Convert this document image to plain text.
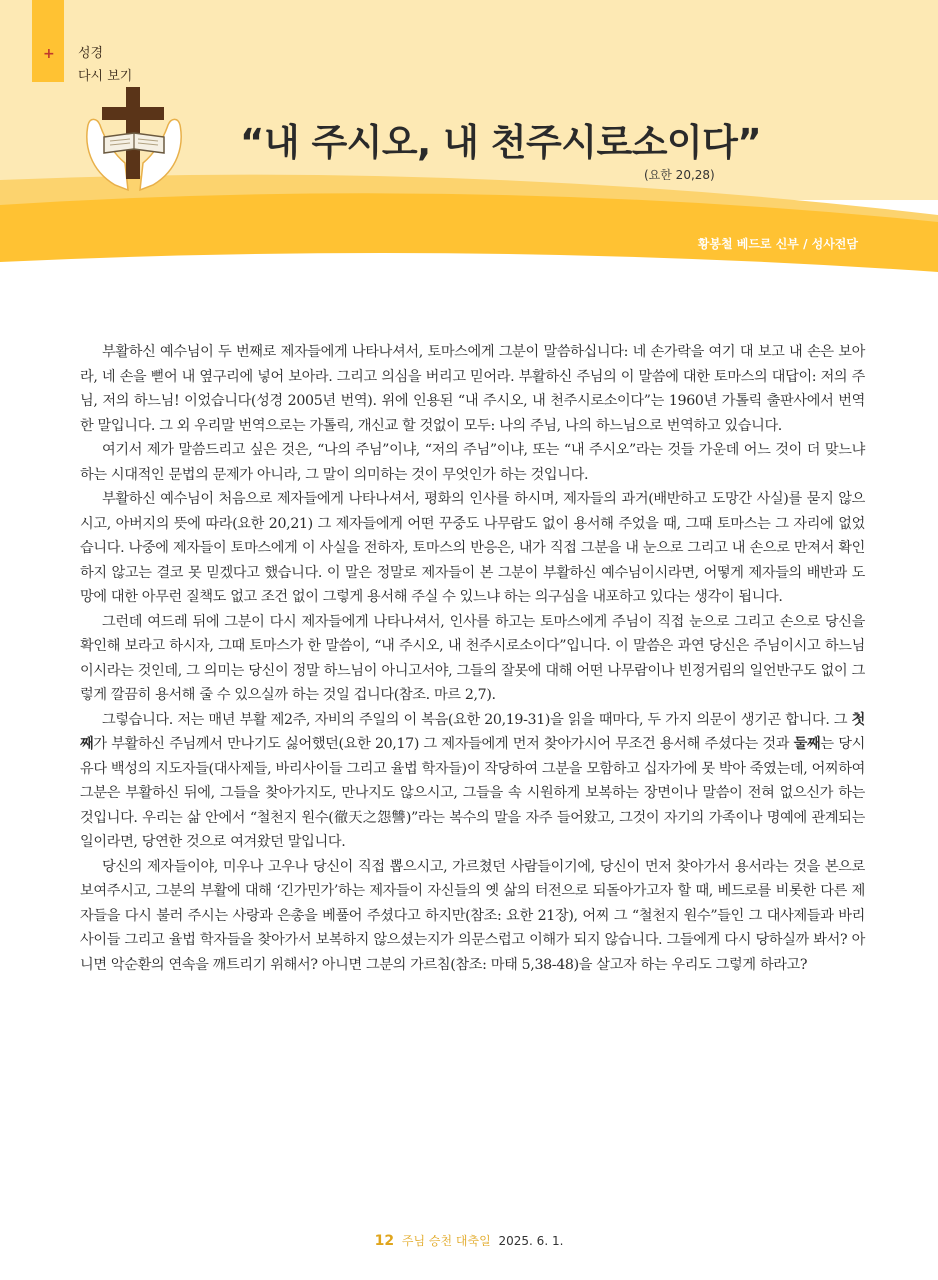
+ 성경
다시 보기
“내 주시오, 내 천주시로소이다”
(요한 20,28)
황봉철 베드로 신부 / 성사전담

부활하신 예수님이 두 번째로 제자들에게 나타나셔서, 토마스에게 그분이 말씀하십니다: 네 손가락을 여기 대 보고 내 손은 보아라, 네 손을 뻗어 내 옆구리에 넣어 보아라. 그리고 의심을 버리고 믿어라. 부활하신 주님의 이 말씀에 대한 토마스의 대답이: 저의 주님, 저의 하느님! 이었습니다(성경 2005년 번역). 위에 인용된 “내 주시오, 내 천주시로소이다”는 1960년 가톨릭 출판사에서 번역한 말입니다. 그 외 우리말 번역으로는 가톨릭, 개신교 할 것없이 모두: 나의 주님, 나의 하느님으로 번역하고 있습니다.

여기서 제가 말씀드리고 싶은 것은, “나의 주님”이냐, “저의 주님”이냐, 또는 “내 주시오”라는 것들 가운데 어느 것이 더 맞느냐 하는 시대적인 문법의 문제가 아니라, 그 말이 의미하는 것이 무엇인가 하는 것입니다.

부활하신 예수님이 처음으로 제자들에게 나타나셔서, 평화의 인사를 하시며, 제자들의 과거(배반하고 도망간 사실)를 묻지 않으시고, 아버지의 뜻에 따라(요한 20,21) 그 제자들에게 어떤 꾸중도 나무람도 없이 용서해 주었을 때, 그때 토마스는 그 자리에 없었습니다. 나중에 제자들이 토마스에게 이 사실을 전하자, 토마스의 반응은, 내가 직접 그분을 내 눈으로 그리고 내 손으로 만져서 확인하지 않고는 결코 못 믿겠다고 했습니다. 이 말은 정말로 제자들이 본 그분이 부활하신 예수님이시라면, 어떻게 제자들의 배반과 도망에 대한 아무런 질책도 없고 조건 없이 그렇게 용서해 주실 수 있느냐 하는 의구심을 내포하고 있다는 생각이 됩니다.

그런데 여드레 뒤에 그분이 다시 제자들에게 나타나셔서, 인사를 하고는 토마스에게 주님이 직접 눈으로 그리고 손으로 당신을 확인해 보라고 하시자, 그때 토마스가 한 말씀이, “내 주시오, 내 천주시로소이다”입니다. 이 말씀은 과연 당신은 주님이시고 하느님이시라는 것인데, 그 의미는 당신이 정말 하느님이 아니고서야, 그들의 잘못에 대해 어떤 나무람이나 빈정거림의 일언반구도 없이 그렇게 깔끔히 용서해 줄 수 있으실까 하는 것일 겁니다(참조. 마르 2,7).

그렇습니다. 저는 매년 부활 제2주, 자비의 주일의 이 복음(요한 20,19-31)을 읽을 때마다, 두 가지 의문이 생기곤 합니다. 그 첫째가 부활하신 주님께서 만나기도 싫어했던(요한 20,17) 그 제자들에게 먼저 찾아가시어 무조건 용서해 주셨다는 것과 둘째는 당시 유다 백성의 지도자들(대사제들, 바리사이들 그리고 율법 학자들)이 작당하여 그분을 모함하고 십자가에 못 박아 죽였는데, 어찌하여 그분은 부활하신 뒤에, 그들을 찾아가지도, 만나지도 않으시고, 그들을 속 시원하게 보복하는 장면이나 말씀이 전혀 없으신가 하는 것입니다. 우리는 삶 안에서 “철천지 원수(徹天之怨讐)”라는 복수의 말을 자주 들어왔고, 그것이 자기의 가족이나 명예에 관계되는 일이라면, 당연한 것으로 여겨왔던 말입니다.

당신의 제자들이야, 미우나 고우나 당신이 직접 뽑으시고, 가르쳤던 사람들이기에, 당신이 먼저 찾아가서 용서라는 것을 본으로 보여주시고, 그분의 부활에 대해 ‘긴가민가’하는 제자들이 자신들의 옛 삶의 터전으로 되돌아가고자 할 때, 베드로를 비롯한 다른 제자들을 다시 불러 주시는 사랑과 은총을 베풀어 주셨다고 하지만(참조: 요한 21장), 어찌 그 “철천지 원수”들인 그 대사제들과 바리사이들 그리고 율법 학자들을 찾아가서 보복하지 않으셨는지가 의문스럽고 이해가 되지 않습니다. 그들에게 다시 당하실까 봐서? 아니면 악순환의 연속을 깨트리기 위해서? 아니면 그분의 가르침(참조: 마태 5,38-48)을 살고자 하는 우리도 그렇게 하라고?

12 주님 승천 대축일 2025. 6. 1.
